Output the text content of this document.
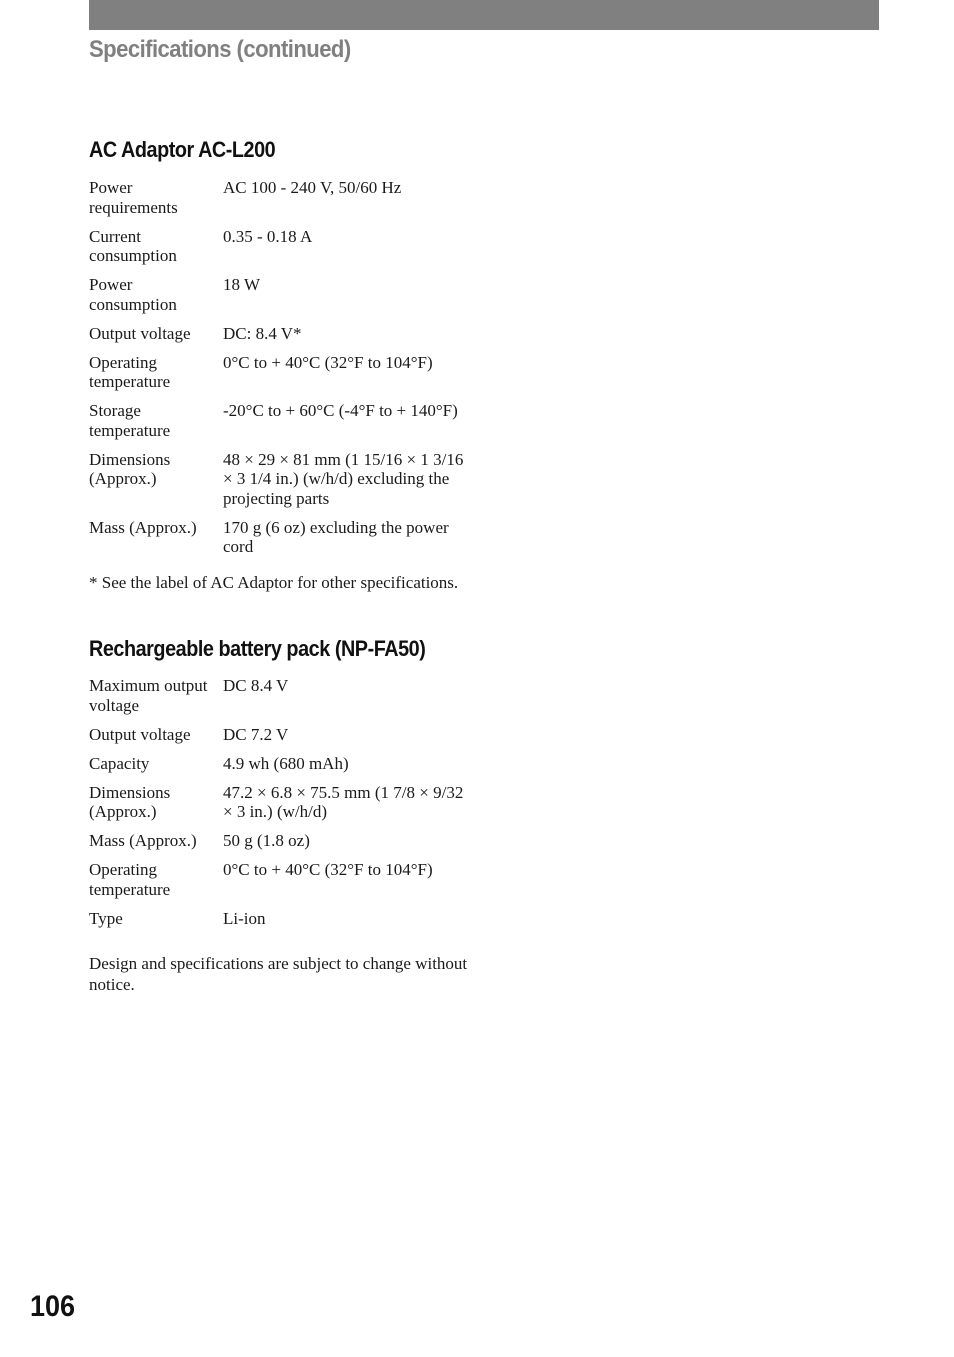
Specifications (continued)
AC Adaptor AC-L200
Power requirements	AC 100 - 240 V, 50/60 Hz
Current consumption	0.35 - 0.18 A
Power consumption	18 W
Output voltage	DC: 8.4 V*
Operating temperature	0°C to + 40°C (32°F to 104°F)
Storage temperature	-20°C to + 60°C (-4°F to + 140°F)
Dimensions (Approx.)	48 × 29 × 81 mm (1 15/16 × 1 3/16 × 3 1/4 in.) (w/h/d) excluding the projecting parts
Mass (Approx.)	170 g (6 oz) excluding the power cord

* See the label of AC Adaptor for other specifications.

Rechargeable battery pack (NP-FA50)
Maximum output voltage	DC 8.4 V
Output voltage	DC 7.2 V
Capacity	4.9 wh (680 mAh)
Dimensions (Approx.)	47.2 × 6.8 × 75.5 mm (1 7/8 × 9/32 × 3 in.) (w/h/d)
Mass (Approx.)	50 g (1.8 oz)
Operating temperature	0°C to + 40°C (32°F to 104°F)
Type	Li-ion

Design and specifications are subject to change without notice.

106
